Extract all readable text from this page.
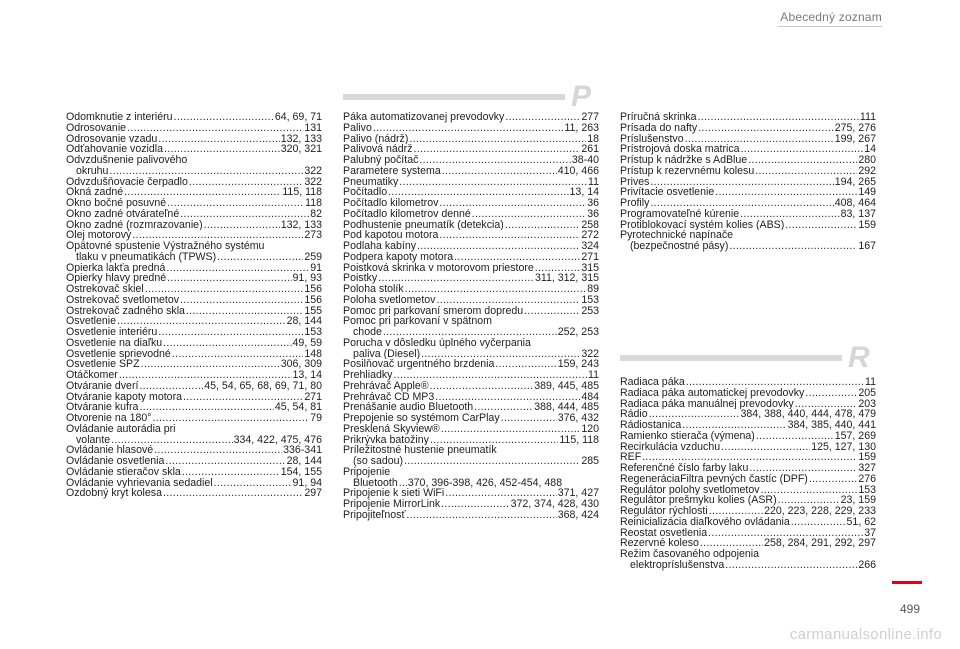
Abecedný zoznam
P
R
Odomknutie z interiéru .....	64, 69, 71
Odrosovanie .....	131
Odrosovanie vzadu .....	132, 133
Odťahovanie vozidla .....	320, 321
Odvzdušnenie palivového
okruhu .....	322
Odvzdušňovacie čerpadlo .....	322
Okná zadné .....	115, 118
Okno bočné posuvné .....	118
Okno zadné otvárateľné .....	82
Okno zadné (rozmrazovanie) .....	132, 133
Olej motorový .....	273
Opätovné spustenie Výstražného systému
tlaku v pneumatikách (TPWS) .....	259
Opierka lakťa predná .....	91
Opierky hlavy predné .....	91, 93
Ostrekovač skiel .....	156
Ostrekovač svetlometov .....	156
Ostrekovač zadného skla .....	155
Osvetlenie .....	28, 144
Osvetlenie interiéru .....	153
Osvetlenie na diaľku .....	49, 59
Osvetlenie sprievodné .....	148
Osvetlenie ŠPZ .....	306, 309
Otáčkomer .....	13, 14
Otváranie dverí .....	45, 54, 65, 68, 69, 71, 80
Otváranie kapoty motora .....	271
Otváranie kufra .....	45, 54, 81
Otvorenie na 180° .....	79
Ovládanie autorádia pri
volante .....	334, 422, 475, 476
Ovládanie hlasové .....	336-341
Ovládanie osvetlenia .....	28, 144
Ovládanie stieračov skla .....	154, 155
Ovládanie vyhrievania sedadiel .....	91, 94
Ozdobný kryt kolesa .....	297
Páka automatizovanej prevodovky .....	277
Palivo .....	11, 263
Palivo (nádrž) .....	18
Palivová nádrž .....	261
Palubný počítač .....	38-40
Parametere systema .....	410, 466
Pneumatiky .....	11
Počítadlo .....	13, 14
Počítadlo kilometrov .....	36
Počítadlo kilometrov denné .....	36
Podhustenie pneumatík (detekcia) .....	258
Pod kapotou motora .....	272
Podlaha kabíny .....	324
Podpera kapoty motora .....	271
Poistková skrinka v motorovom priestore .....	315
Poistky .....	311, 312, 315
Poloha stolík .....	89
Poloha svetlometov .....	153
Pomoc pri parkovaní smerom dopredu .....	253
Pomoc pri parkovaní v spätnom
chode .....	252, 253
Porucha v dôsledku úplného vyčerpania
paliva (Diesel) .....	322
Posilňovač urgentného brzdenia .....	159, 243
Prehliadky .....	11
Prehrávač Apple® .....	389, 445, 485
Prehrávač CD MP3 .....	484
Prenášanie audio Bluetooth .....	388, 444, 485
Prepojenie so systémom CarPlay .....	376, 432
Presklená Skyview® .....	120
Prikrývka batožiny .....	115, 118
Príležitostné hustenie pneumatík
(so sadou) .....	285
Pripojenie
Bluetooth ..... 370, 396-398, 426, 452-454, 488
Pripojenie k sieti WiFi .....	371, 427
Pripojenie MirrorLink .....	372, 374, 428, 430
Pripojiteľnosť .....	368, 424
Príručná skrinka .....	111
Prísada do nafty .....	275, 276
Príslušenstvo .....	199, 267
Prístrojová doska matrica .....	14
Prístup k nádržke s AdBlue .....	280
Prístup k rezervnému kolesu .....	292
Prives .....	194, 265
Privítacie osvetlenie .....	149
Profily .....	408, 464
Programovateľné kúrenie .....	83, 137
Protiblokovací systém kolies (ABS) .....	159
Pyrotechnické napínače
(bezpečnostné pásy) .....	167
Radiaca páka .....	11
Radiaca páka automatickej prevodovky .....	205
Radiaca páka manuálnej prevodovky .....	203
Rádio .....	384, 388, 440, 444, 478, 479
Rádiostanica .....	384, 385, 440, 441
Ramienko stierača (výmena) .....	157, 269
Recirkulácia vzduchu .....	125, 127, 130
REF .....	159
Referenčné číslo farby laku .....	327
RegeneráciaFiltra pevných častíc (DPF) .....	276
Regulátor polohy svetlometov .....	153
Regulátor prešmyku kolies (ASR) .....	23, 159
Regulátor rýchlosti .....	220, 223, 228, 229, 233
Reinicializácia diaľkového ovládania .....	51, 62
Reostat osvetlenia .....	37
Rezervné koleso .....	258, 284, 291, 292, 297
Režim časovaného odpojenia
elektropríslušenstva .....	266
499
carmanualsonline.info
